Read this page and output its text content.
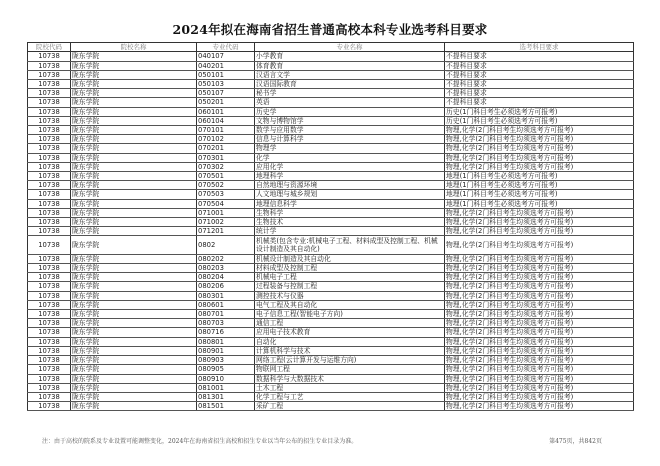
2024年拟在海南省招生普通高校本科专业选考科目要求
院校代码	院校名称	专业代码	专业名称	选考科目要求
10738	陇东学院	040107	小学教育	不提科目要求
10738	陇东学院	040201	体育教育	不提科目要求
10738	陇东学院	050101	汉语言文学	不提科目要求
10738	陇东学院	050103	汉语国际教育	不提科目要求
10738	陇东学院	050107	秘书学	不提科目要求
10738	陇东学院	050201	英语	不提科目要求
10738	陇东学院	060101	历史学	历史(1门科目考生必须选考方可报考)
10738	陇东学院	060104	文物与博物馆学	历史(1门科目考生必须选考方可报考)
10738	陇东学院	070101	数学与应用数学	物理,化学(2门科目考生均须选考方可报考)
10738	陇东学院	070102	信息与计算科学	物理,化学(2门科目考生均须选考方可报考)
10738	陇东学院	070201	物理学	物理,化学(2门科目考生均须选考方可报考)
10738	陇东学院	070301	化学	物理,化学(2门科目考生均须选考方可报考)
10738	陇东学院	070302	应用化学	物理,化学(2门科目考生均须选考方可报考)
10738	陇东学院	070501	地理科学	地理(1门科目考生必须选考方可报考)
10738	陇东学院	070502	自然地理与资源环境	地理(1门科目考生必须选考方可报考)
10738	陇东学院	070503	人文地理与城乡规划	地理(1门科目考生必须选考方可报考)
10738	陇东学院	070504	地理信息科学	地理(1门科目考生必须选考方可报考)
10738	陇东学院	071001	生物科学	物理,化学(2门科目考生均须选考方可报考)
10738	陇东学院	071002	生物技术	物理,化学(2门科目考生均须选考方可报考)
10738	陇东学院	071201	统计学	物理,化学(2门科目考生均须选考方可报考)
10738	陇东学院	0802	机械类(包含专业:机械电子工程、材料成型及控制工程、机械设计制造及其自动化)	物理,化学(2门科目考生均须选考方可报考)
10738	陇东学院	080202	机械设计制造及其自动化	物理,化学(2门科目考生均须选考方可报考)
10738	陇东学院	080203	材料成型及控制工程	物理,化学(2门科目考生均须选考方可报考)
10738	陇东学院	080204	机械电子工程	物理,化学(2门科目考生均须选考方可报考)
10738	陇东学院	080206	过程装备与控制工程	物理,化学(2门科目考生均须选考方可报考)
10738	陇东学院	080301	测控技术与仪器	物理,化学(2门科目考生均须选考方可报考)
10738	陇东学院	080601	电气工程及其自动化	物理,化学(2门科目考生均须选考方可报考)
10738	陇东学院	080701	电子信息工程(智能电子方向)	物理,化学(2门科目考生均须选考方可报考)
10738	陇东学院	080703	通信工程	物理,化学(2门科目考生均须选考方可报考)
10738	陇东学院	080716	应用电子技术教育	物理,化学(2门科目考生均须选考方可报考)
10738	陇东学院	080801	自动化	物理,化学(2门科目考生均须选考方可报考)
10738	陇东学院	080901	计算机科学与技术	物理,化学(2门科目考生均须选考方可报考)
10738	陇东学院	080903	网络工程(云计算开发与运维方向)	物理,化学(2门科目考生均须选考方可报考)
10738	陇东学院	080905	物联网工程	物理,化学(2门科目考生均须选考方可报考)
10738	陇东学院	080910	数据科学与大数据技术	物理,化学(2门科目考生均须选考方可报考)
10738	陇东学院	081001	土木工程	物理,化学(2门科目考生均须选考方可报考)
10738	陇东学院	081301	化学工程与工艺	物理,化学(2门科目考生均须选考方可报考)
10738	陇东学院	081501	采矿工程	物理,化学(2门科目考生均须选考方可报考)
注：由于高校的院系及专业设置可能调整变化，2024年在海南省招生高校和招生专业以当年公布的招生专业目录为准。	第475页，共842页
